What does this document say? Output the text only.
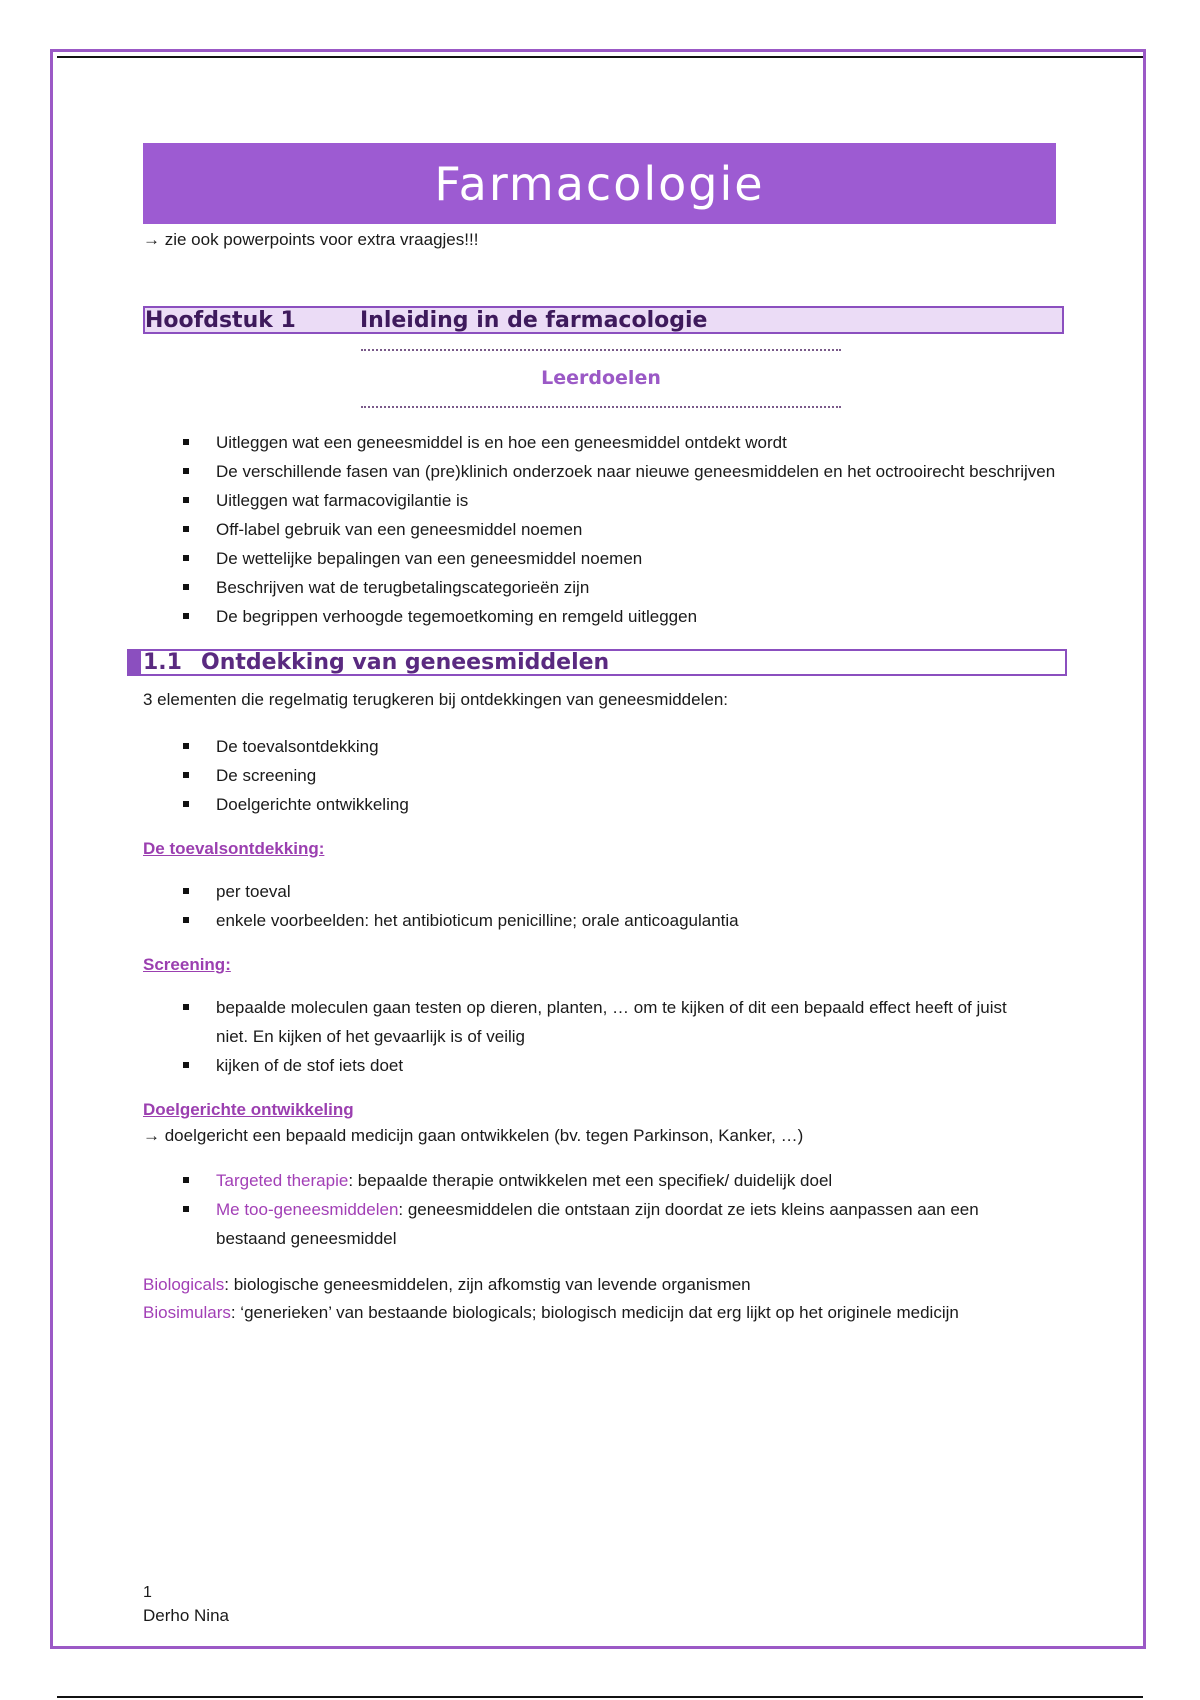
Farmacologie
→ zie ook powerpoints voor extra vraagjes!!!
Hoofdstuk 1	Inleiding in de farmacologie
Leerdoelen
Uitleggen wat een geneesmiddel is en hoe een geneesmiddel ontdekt wordt
De verschillende fasen van (pre)klinich onderzoek naar nieuwe geneesmiddelen en het octrooirecht beschrijven
Uitleggen wat farmacovigilantie is
Off-label gebruik van een geneesmiddel noemen
De wettelijke bepalingen van een geneesmiddel noemen
Beschrijven wat de terugbetalingscategorieën zijn
De begrippen verhoogde tegemoetkoming en remgeld uitleggen
1.1 Ontdekking van geneesmiddelen
3 elementen die regelmatig terugkeren bij ontdekkingen van geneesmiddelen:
De toevalsontdekking
De screening
Doelgerichte ontwikkeling
De toevalsontdekking:
per toeval
enkele voorbeelden: het antibioticum penicilline; orale anticoagulantia
Screening:
bepaalde moleculen gaan testen op dieren, planten, … om te kijken of dit een bepaald effect heeft of juist niet. En kijken of het gevaarlijk is of veilig
kijken of de stof iets doet
Doelgerichte ontwikkeling
→ doelgericht een bepaald medicijn gaan ontwikkelen (bv. tegen Parkinson, Kanker, …)
Targeted therapie: bepaalde therapie ontwikkelen met een specifiek/ duidelijk doel
Me too-geneesmiddelen: geneesmiddelen die ontstaan zijn doordat ze iets kleins aanpassen aan een bestaand geneesmiddel
Biologicals: biologische geneesmiddelen, zijn afkomstig van levende organismen
Biosimulars: ‘generieken’ van bestaande biologicals; biologisch medicijn dat erg lijkt op het originele medicijn
1
Derho Nina
